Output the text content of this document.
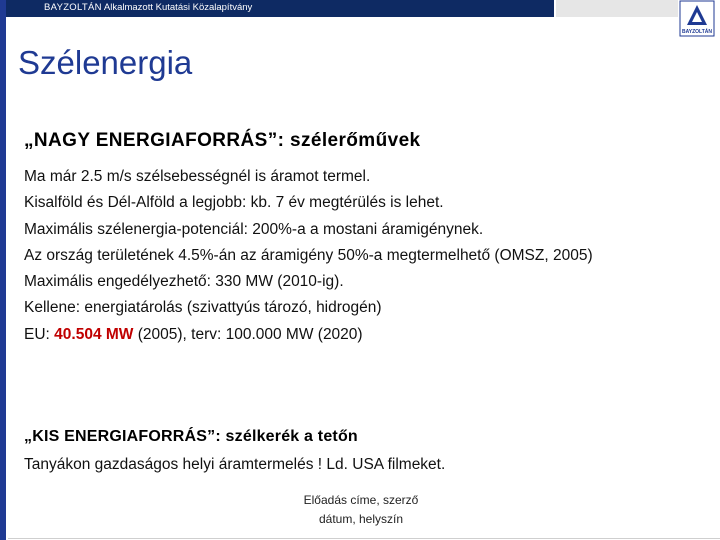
BAYZOLTÁN Alkalmazott Kutatási Közalapítvány
BAYZOLTÁN
Szélenergia
„NAGY ENERGIAFORRÁS”: szélerőművek
Ma már 2.5 m/s szélsebességnél is áramot termel.
Kisalföld és Dél-Alföld a legjobb: kb. 7 év megtérülés is lehet.
Maximális szélenergia-potenciál: 200%-a a mostani áramigénynek.
Az ország területének 4.5%-án az áramigény 50%-a megtermelhető (OMSZ, 2005)
Maximális engedélyezhető: 330 MW (2010-ig).
Kellene: energiatárolás (szivattyús tározó, hidrogén)
EU: 40.504 MW (2005), terv: 100.000 MW (2020)
„KIS ENERGIAFORRÁS”: szélkerék a tetőn
Tanyákon gazdaságos helyi áramtermelés ! Ld. USA filmeket.
Előadás címe, szerző
dátum, helyszín
